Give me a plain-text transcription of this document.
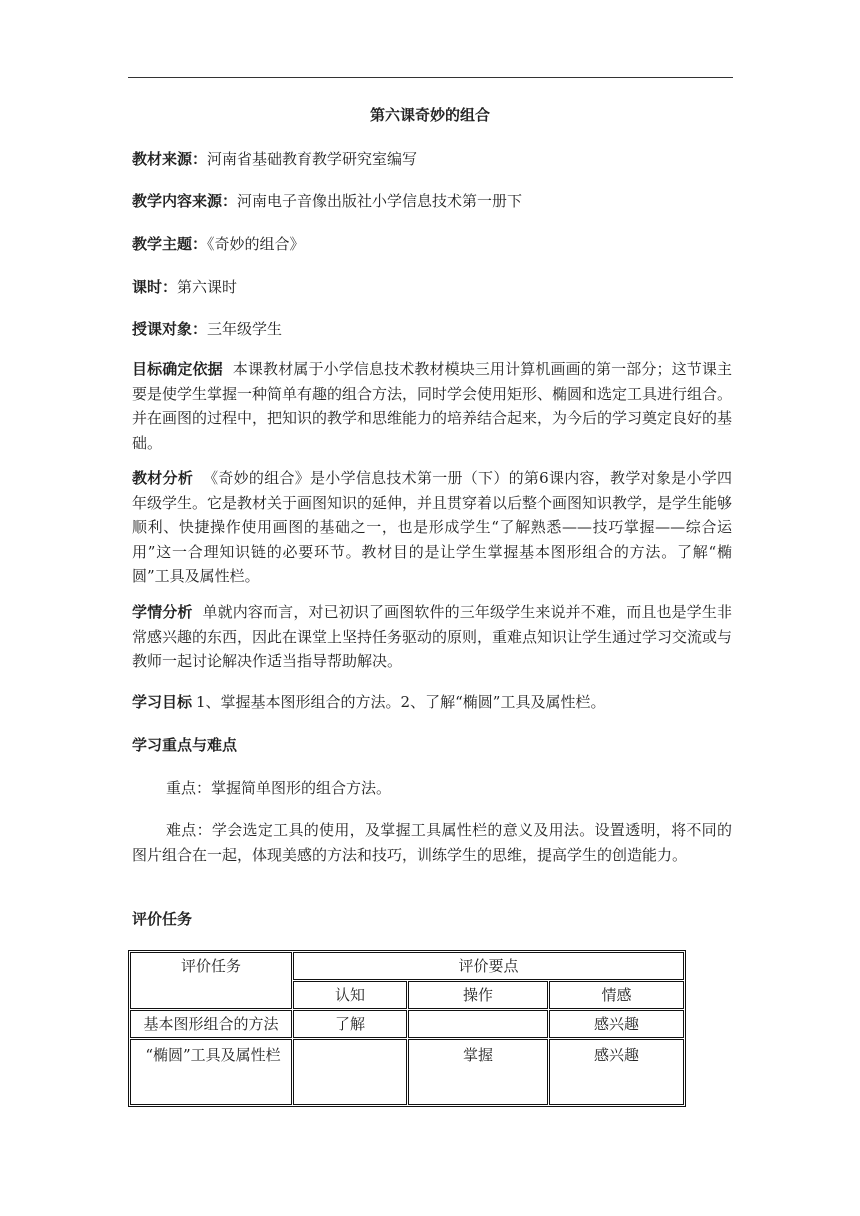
第六课奇妙的组合
教材来源：河南省基础教育教学研究室编写
教学内容来源：河南电子音像出版社小学信息技术第一册下
教学主题：《奇妙的组合》
课时：第六课时
授课对象：三年级学生
目标确定依据 本课教材属于小学信息技术教材模块三用计算机画画的第一部分；这节课主要是使学生掌握一种简单有趣的组合方法，同时学会使用矩形、椭圆和选定工具进行组合。并在画图的过程中，把知识的教学和思维能力的培养结合起来，为今后的学习奠定良好的基础。
教材分析 《奇妙的组合》是小学信息技术第一册（下）的第6课内容，教学对象是小学四年级学生。它是教材关于画图知识的延伸，并且贯穿着以后整个画图知识教学，是学生能够顺利、快捷操作使用画图的基础之一，也是形成学生“了解熟悉——技巧掌握——综合运用”这一合理知识链的必要环节。教材目的是让学生掌握基本图形组合的方法。了解“椭圆”工具及属性栏。
学情分析 单就内容而言，对已初识了画图软件的三年级学生来说并不难，而且也是学生非常感兴趣的东西，因此在课堂上坚持任务驱动的原则，重难点知识让学生通过学习交流或与教师一起讨论解决作适当指导帮助解决。
学习目标 1、掌握基本图形组合的方法。2、了解“椭圆”工具及属性栏。
学习重点与难点
重点：掌握简单图形的组合方法。
难点：学会选定工具的使用，及掌握工具属性栏的意义及用法。设置透明，将不同的图片组合在一起，体现美感的方法和技巧，训练学生的思维，提高学生的创造能力。
评价任务
评价任务	评价要点		
	认知	操作	情感
基本图形组合的方法	了解		感兴趣
“椭圆”工具及属性栏		掌握	感兴趣
